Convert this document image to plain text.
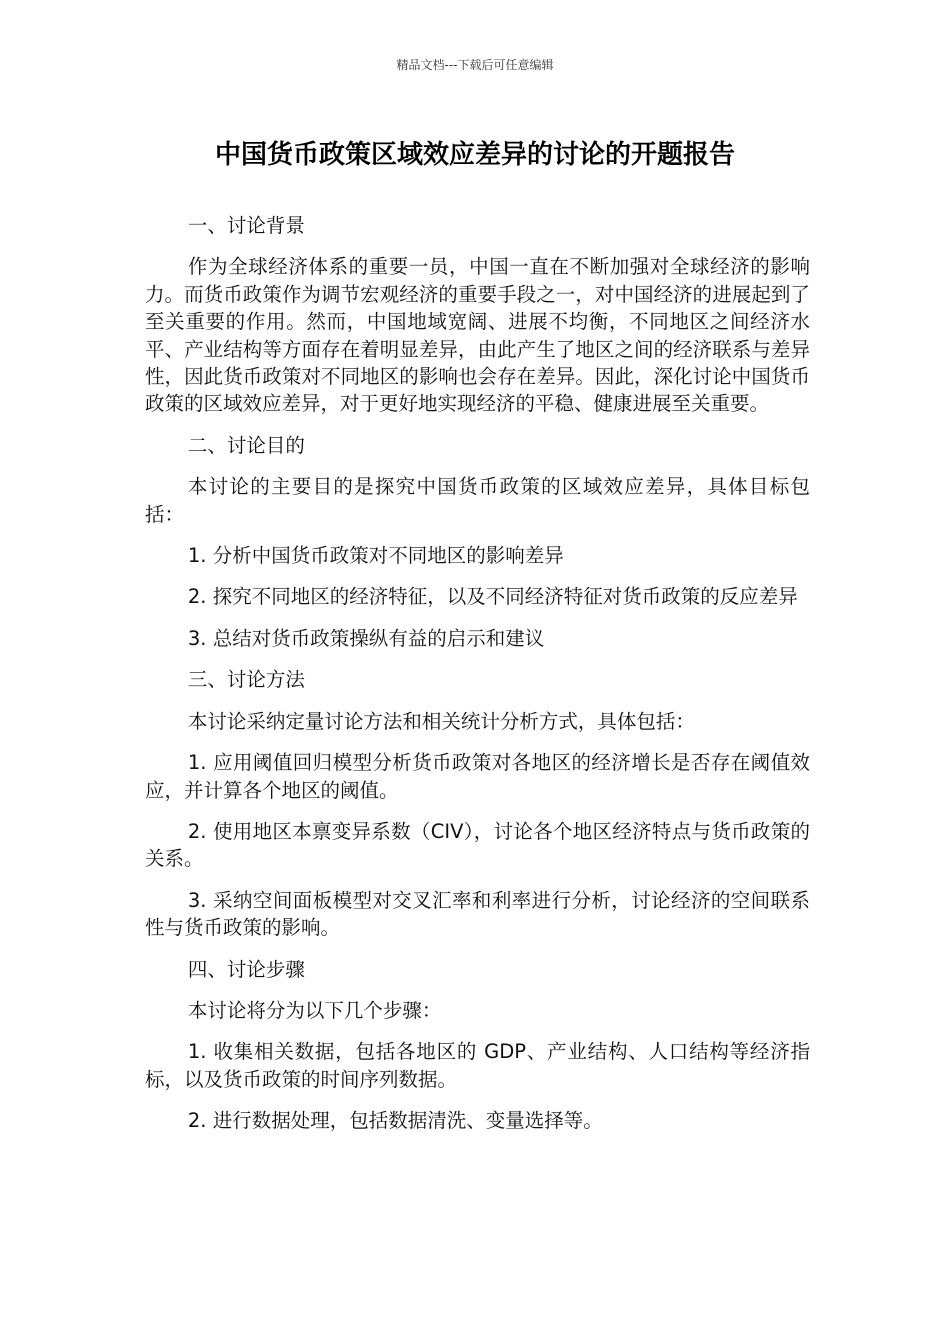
精品文档---下载后可任意编辑
中国货币政策区域效应差异的讨论的开题报告
一、讨论背景

作为全球经济体系的重要一员，中国一直在不断加强对全球经济的影响力。而货币政策作为调节宏观经济的重要手段之一，对中国经济的进展起到了至关重要的作用。然而，中国地域宽阔、进展不均衡，不同地区之间经济水平、产业结构等方面存在着明显差异，由此产生了地区之间的经济联系与差异性，因此货币政策对不同地区的影响也会存在差异。因此，深化讨论中国货币政策的区域效应差异，对于更好地实现经济的平稳、健康进展至关重要。

二、讨论目的

本讨论的主要目的是探究中国货币政策的区域效应差异，具体目标包括：

1. 分析中国货币政策对不同地区的影响差异

2. 探究不同地区的经济特征，以及不同经济特征对货币政策的反应差异

3. 总结对货币政策操纵有益的启示和建议

三、讨论方法

本讨论采纳定量讨论方法和相关统计分析方式，具体包括：

1. 应用阈值回归模型分析货币政策对各地区的经济增长是否存在阈值效应，并计算各个地区的阈值。

2. 使用地区本禀变异系数（CIV），讨论各个地区经济特点与货币政策的关系。

3. 采纳空间面板模型对交叉汇率和利率进行分析，讨论经济的空间联系性与货币政策的影响。

四、讨论步骤

本讨论将分为以下几个步骤：

1. 收集相关数据，包括各地区的 GDP、产业结构、人口结构等经济指标，以及货币政策的时间序列数据。

2. 进行数据处理，包括数据清洗、变量选择等。
